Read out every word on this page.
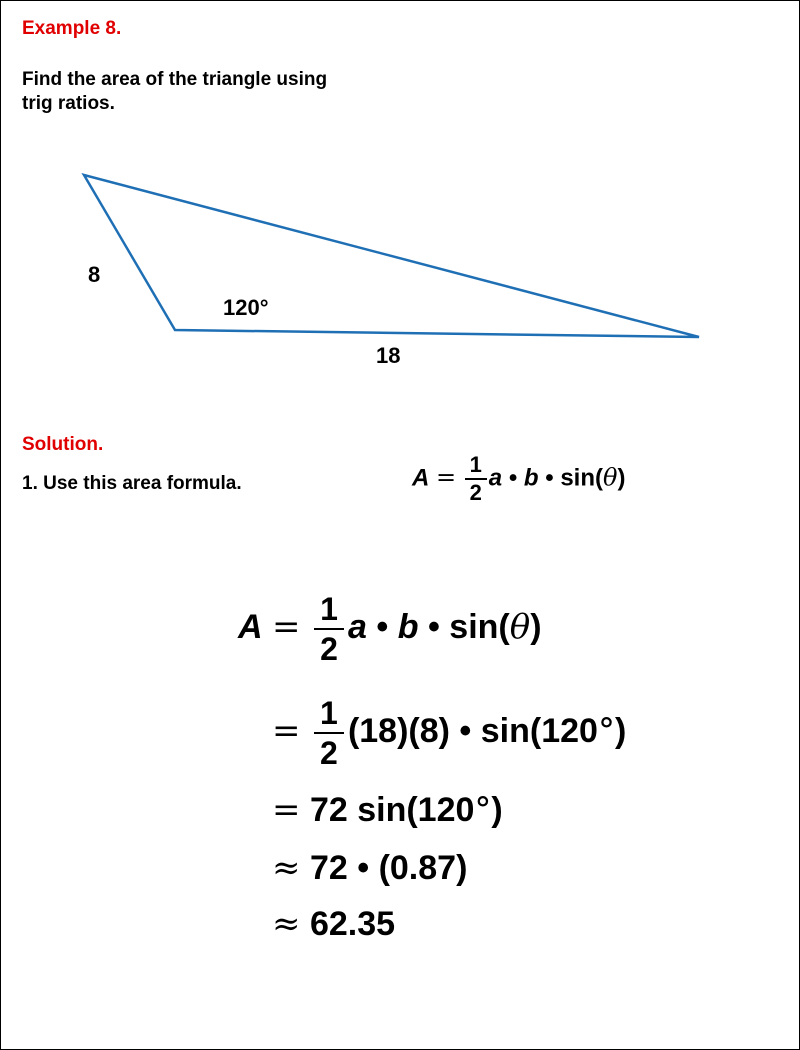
Example 8.
Find the area of the triangle using
trig ratios.
8
120°
18
Solution.
1. Use this area formula.	$A = \frac{1}{2}$ a • b • sin(θ)
$A = \frac{1}{2}$ a • b • sin(θ)
= $\frac{1}{2} (18)(8)$ • sin(120°)
= 72 sin(120°)
≈ 72 • (0.87)
≈ 62.35
